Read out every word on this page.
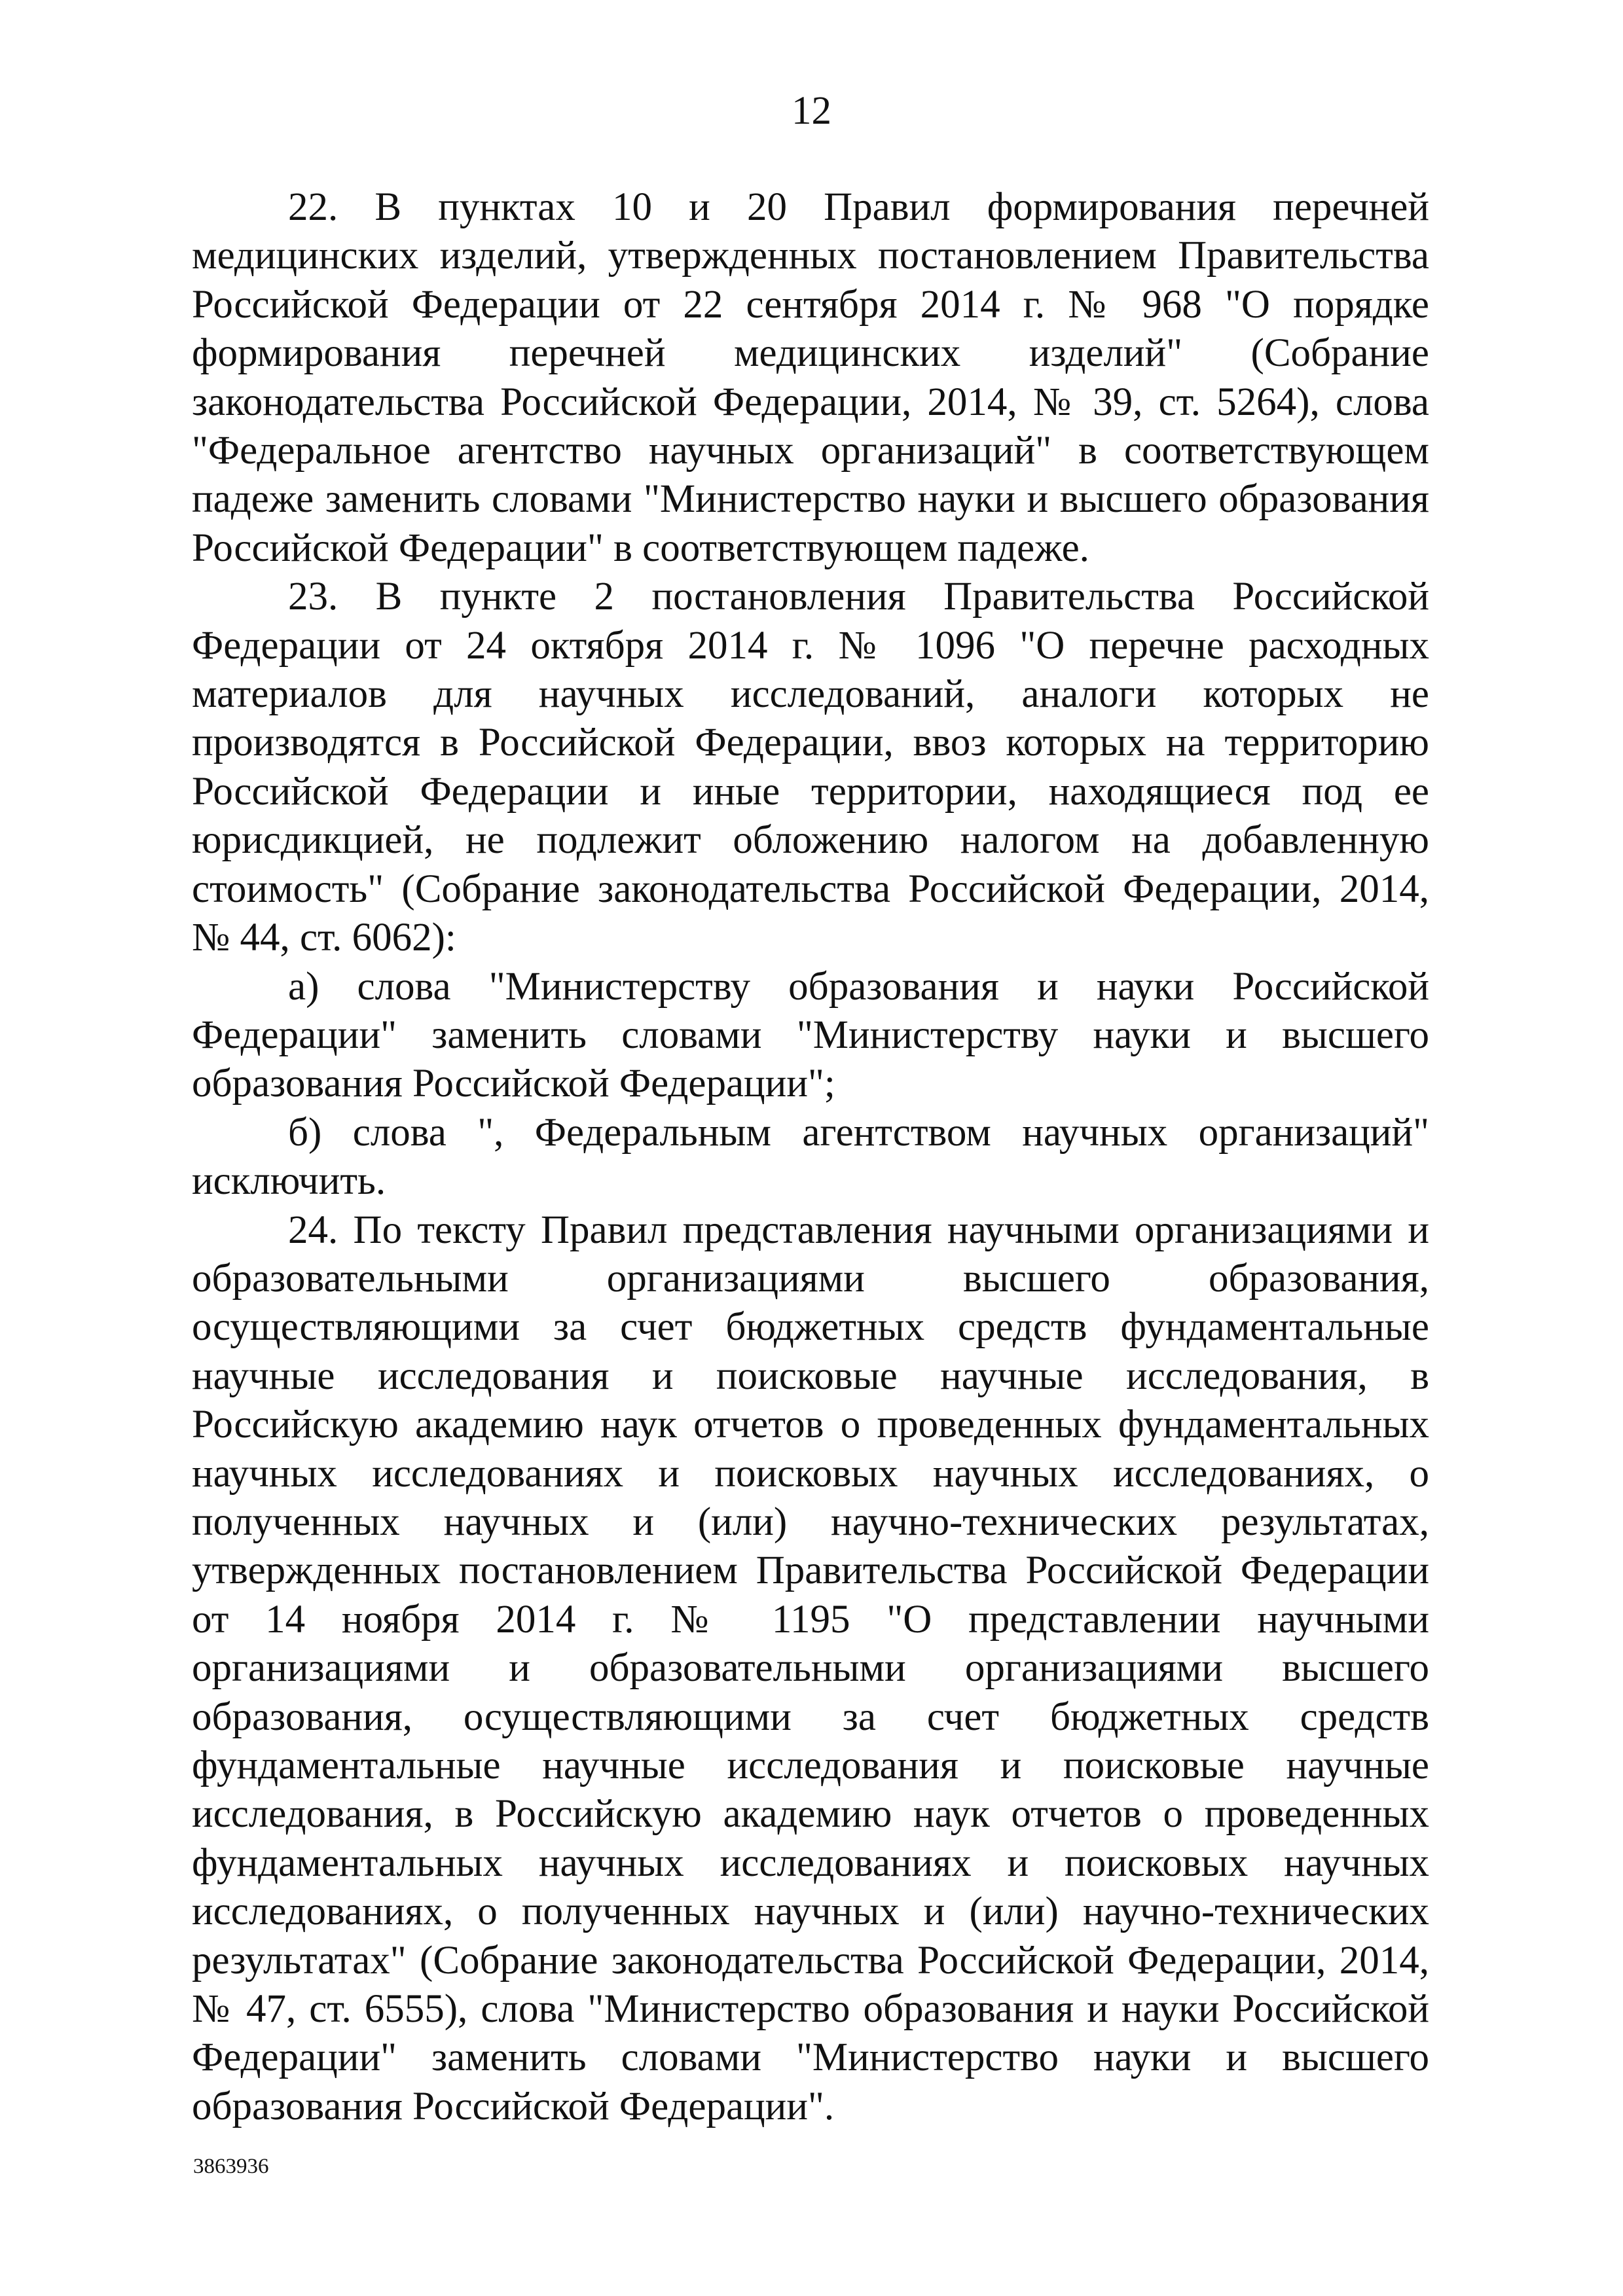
12

22. В пунктах 10 и 20 Правил формирования перечней медицинских изделий, утвержденных постановлением Правительства Российской Федерации от 22 сентября 2014 г. № 968 "О порядке формирования перечней медицинских изделий" (Собрание законодательства Российской Федерации, 2014, № 39, ст. 5264), слова "Федеральное агентство научных организаций" в соответствующем падеже заменить словами "Министерство науки и высшего образования Российской Федерации" в соответствующем падеже.

23. В пункте 2 постановления Правительства Российской Федерации от 24 октября 2014 г. № 1096 "О перечне расходных материалов для научных исследований, аналоги которых не производятся в Российской Федерации, ввоз которых на территорию Российской Федерации и иные территории, находящиеся под ее юрисдикцией, не подлежит обложению налогом на добавленную стоимость" (Собрание законодательства Российской Федерации, 2014, № 44, ст. 6062):

а) слова "Министерству образования и науки Российской Федерации" заменить словами "Министерству науки и высшего образования Российской Федерации";

б) слова ", Федеральным агентством научных организаций" исключить.

24. По тексту Правил представления научными организациями и образовательными организациями высшего образования, осуществляющими за счет бюджетных средств фундаментальные научные исследования и поисковые научные исследования, в Российскую академию наук отчетов о проведенных фундаментальных научных исследованиях и поисковых научных исследованиях, о полученных научных и (или) научно-технических результатах, утвержденных постановлением Правительства Российской Федерации от 14 ноября 2014 г. № 1195 "О представлении научными организациями и образовательными организациями высшего образования, осуществляющими за счет бюджетных средств фундаментальные научные исследования и поисковые научные исследования, в Российскую академию наук отчетов о проведенных фундаментальных научных исследованиях и поисковых научных исследованиях, о полученных научных и (или) научно-технических результатах" (Собрание законодательства Российской Федерации, 2014, № 47, ст. 6555), слова "Министерство образования и науки Российской Федерации" заменить словами "Министерство науки и высшего образования Российской Федерации".

3863936
